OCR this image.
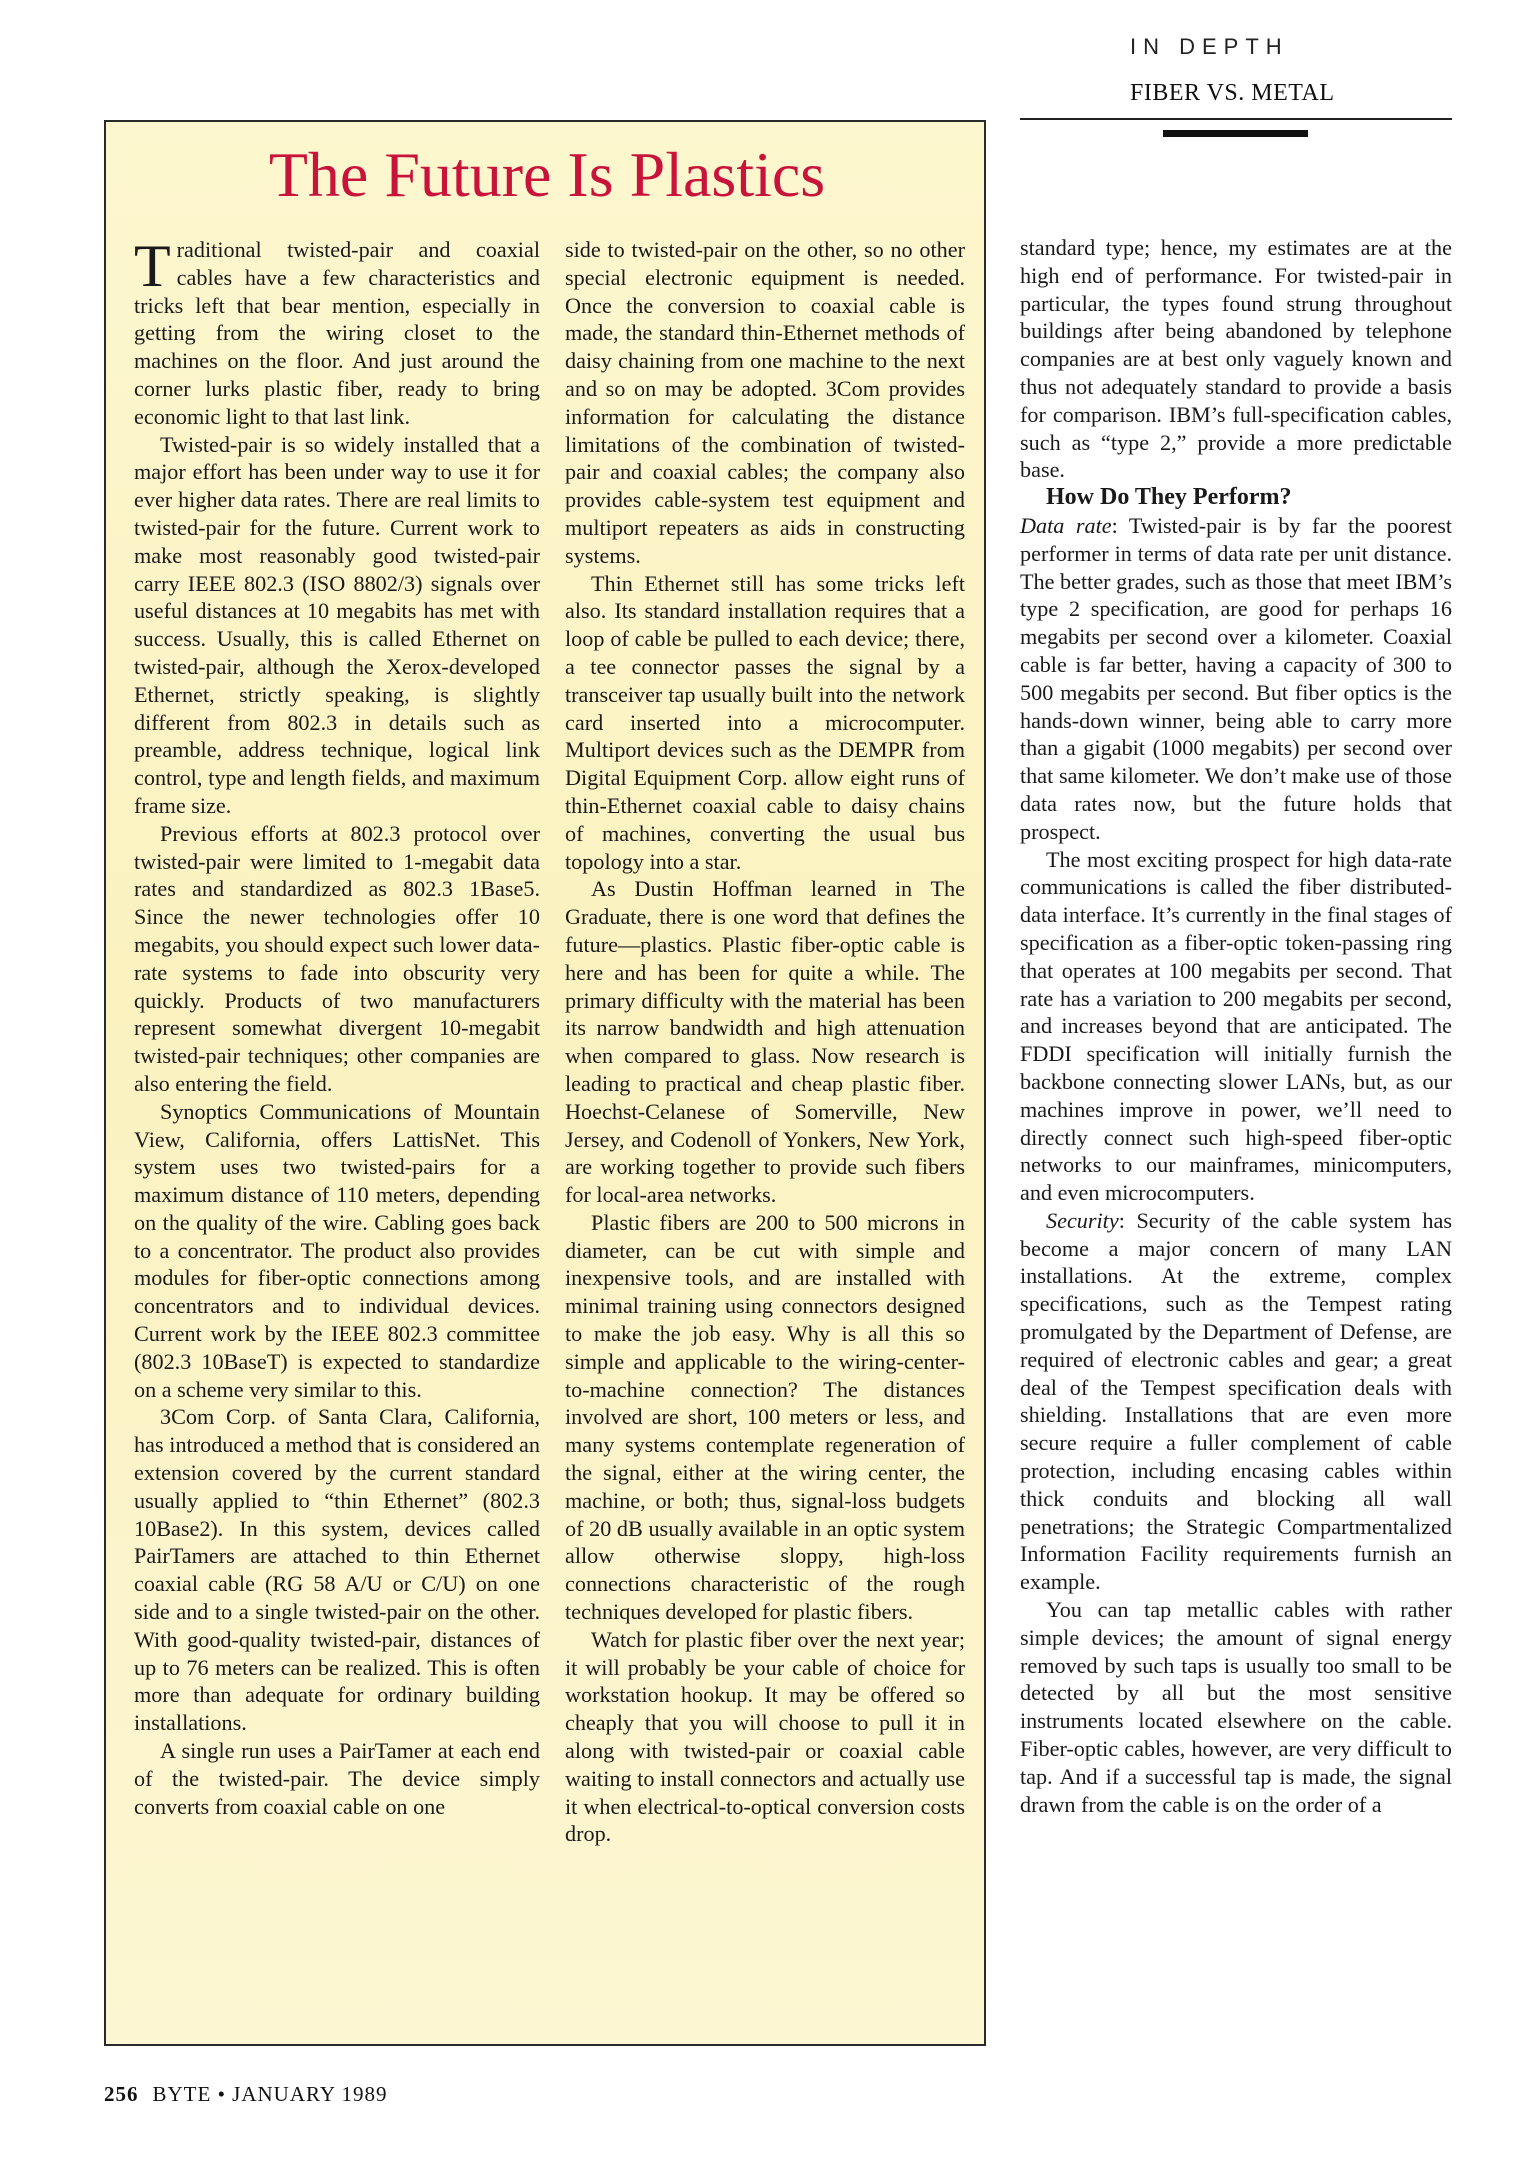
IN DEPTH
FIBER VS. METAL
The Future Is Plastics

Traditional twisted-pair and coaxial cables have a few characteristics and tricks left that bear mention, especially in getting from the wiring closet to the machines on the floor. And just around the corner lurks plastic fiber, ready to bring economic light to that last link.

Twisted-pair is so widely installed that a major effort has been under way to use it for ever higher data rates. There are real limits to twisted-pair for the future. Current work to make most reasonably good twisted-pair carry IEEE 802.3 (ISO 8802/3) signals over useful distances at 10 megabits has met with success. Usually, this is called Ethernet on twisted-pair, although the Xerox-developed Ethernet, strictly speaking, is slightly different from 802.3 in details such as preamble, address technique, logical link control, type and length fields, and maximum frame size.

Previous efforts at 802.3 protocol over twisted-pair were limited to 1-megabit data rates and standardized as 802.3 1Base5. Since the newer technologies offer 10 megabits, you should expect such lower data-rate systems to fade into obscurity very quickly. Products of two manufacturers represent somewhat divergent 10-megabit twisted-pair techniques; other companies are also entering the field.

Synoptics Communications of Mountain View, California, offers LattisNet. This system uses two twisted-pairs for a maximum distance of 110 meters, depending on the quality of the wire. Cabling goes back to a concentrator. The product also provides modules for fiber-optic connections among concentrators and to individual devices. Current work by the IEEE 802.3 committee (802.3 10BaseT) is expected to standardize on a scheme very similar to this.

3Com Corp. of Santa Clara, California, has introduced a method that is considered an extension covered by the current standard usually applied to “thin Ethernet” (802.3 10Base2). In this system, devices called PairTamers are attached to thin Ethernet coaxial cable (RG 58 A/U or C/U) on one side and to a single twisted-pair on the other. With good-quality twisted-pair, distances of up to 76 meters can be realized. This is often more than adequate for ordinary building installations.

A single run uses a PairTamer at each end of the twisted-pair. The device simply converts from coaxial cable on one

side to twisted-pair on the other, so no other special electronic equipment is needed. Once the conversion to coaxial cable is made, the standard thin-Ethernet methods of daisy chaining from one machine to the next and so on may be adopted. 3Com provides information for calculating the distance limitations of the combination of twisted-pair and coaxial cables; the company also provides cable-system test equipment and multiport repeaters as aids in constructing systems.

Thin Ethernet still has some tricks left also. Its standard installation requires that a loop of cable be pulled to each device; there, a tee connector passes the signal by a transceiver tap usually built into the network card inserted into a microcomputer. Multiport devices such as the DEMPR from Digital Equipment Corp. allow eight runs of thin-Ethernet coaxial cable to daisy chains of machines, converting the usual bus topology into a star.

As Dustin Hoffman learned in The Graduate, there is one word that defines the future—plastics. Plastic fiber-optic cable is here and has been for quite a while. The primary difficulty with the material has been its narrow bandwidth and high attenuation when compared to glass. Now research is leading to practical and cheap plastic fiber. Hoechst-Celanese of Somerville, New Jersey, and Codenoll of Yonkers, New York, are working together to provide such fibers for local-area networks.

Plastic fibers are 200 to 500 microns in diameter, can be cut with simple and inexpensive tools, and are installed with minimal training using connectors designed to make the job easy. Why is all this so simple and applicable to the wiring-center-to-machine connection? The distances involved are short, 100 meters or less, and many systems contemplate regeneration of the signal, either at the wiring center, the machine, or both; thus, signal-loss budgets of 20 dB usually available in an optic system allow otherwise sloppy, high-loss connections characteristic of the rough techniques developed for plastic fibers.

Watch for plastic fiber over the next year; it will probably be your cable of choice for workstation hookup. It may be offered so cheaply that you will choose to pull it in along with twisted-pair or coaxial cable waiting to install connectors and actually use it when electrical-to-optical conversion costs drop.

standard type; hence, my estimates are at the high end of performance. For twisted-pair in particular, the types found strung throughout buildings after being abandoned by telephone companies are at best only vaguely known and thus not adequately standard to provide a basis for comparison. IBM’s full-specification cables, such as “type 2,” provide a more predictable base.

How Do They Perform?

Data rate: Twisted-pair is by far the poorest performer in terms of data rate per unit distance. The better grades, such as those that meet IBM’s type 2 specification, are good for perhaps 16 megabits per second over a kilometer. Coaxial cable is far better, having a capacity of 300 to 500 megabits per second. But fiber optics is the hands-down winner, being able to carry more than a gigabit (1000 megabits) per second over that same kilometer. We don’t make use of those data rates now, but the future holds that prospect.

The most exciting prospect for high data-rate communications is called the fiber distributed-data interface. It’s currently in the final stages of specification as a fiber-optic token-passing ring that operates at 100 megabits per second. That rate has a variation to 200 megabits per second, and increases beyond that are anticipated. The FDDI specification will initially furnish the backbone connecting slower LANs, but, as our machines improve in power, we’ll need to directly connect such high-speed fiber-optic networks to our mainframes, minicomputers, and even microcomputers.

Security: Security of the cable system has become a major concern of many LAN installations. At the extreme, complex specifications, such as the Tempest rating promulgated by the Department of Defense, are required of electronic cables and gear; a great deal of the Tempest specification deals with shielding. Installations that are even more secure require a fuller complement of cable protection, including encasing cables within thick conduits and blocking all wall penetrations; the Strategic Compartmentalized Information Facility requirements furnish an example.

You can tap metallic cables with rather simple devices; the amount of signal energy removed by such taps is usually too small to be detected by all but the most sensitive instruments located elsewhere on the cable. Fiber-optic cables, however, are very difficult to tap. And if a successful tap is made, the signal drawn from the cable is on the order of a

256 BYTE • JANUARY 1989
